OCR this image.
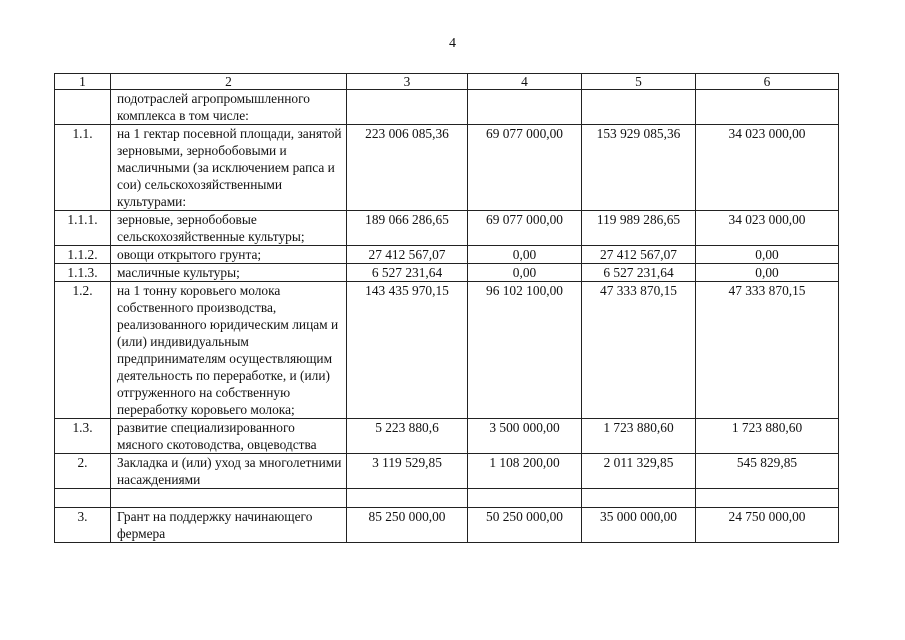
4
1	2	3	4	5	6
	подотраслей агропромышленного комплекса в том числе:				
1.1.	на 1 гектар посевной площади, занятой зерновыми, зернобобовыми и масличными (за исключением рапса и сои) сельскохозяйственными культурами:	223 006 085,36	69 077 000,00	153 929 085,36	34 023 000,00
1.1.1.	зерновые, зернобобовые сельскохозяйственные культуры;	189 066 286,65	69 077 000,00	119 989 286,65	34 023 000,00
1.1.2.	овощи открытого грунта;	27 412 567,07	0,00	27 412 567,07	0,00
1.1.3.	масличные культуры;	6 527 231,64	0,00	6 527 231,64	0,00
1.2.	на 1 тонну коровьего молока собственного производства, реализованного юридическим лицам и (или) индивидуальным предпринимателям осуществляющим деятельность по переработке, и (или) отгруженного на собственную переработку коровьего молока;	143 435 970,15	96 102 100,00	47 333 870,15	47 333 870,15
1.3.	развитие специализированного мясного скотоводства, овцеводства	5 223 880,6	3 500 000,00	1 723 880,60	1 723 880,60
2.	Закладка и (или) уход за многолетними насаждениями	3 119 529,85	1 108 200,00	2 011 329,85	545 829,85

3.	Грант на поддержку начинающего фермера	85 250 000,00	50 250 000,00	35 000 000,00	24 750 000,00
